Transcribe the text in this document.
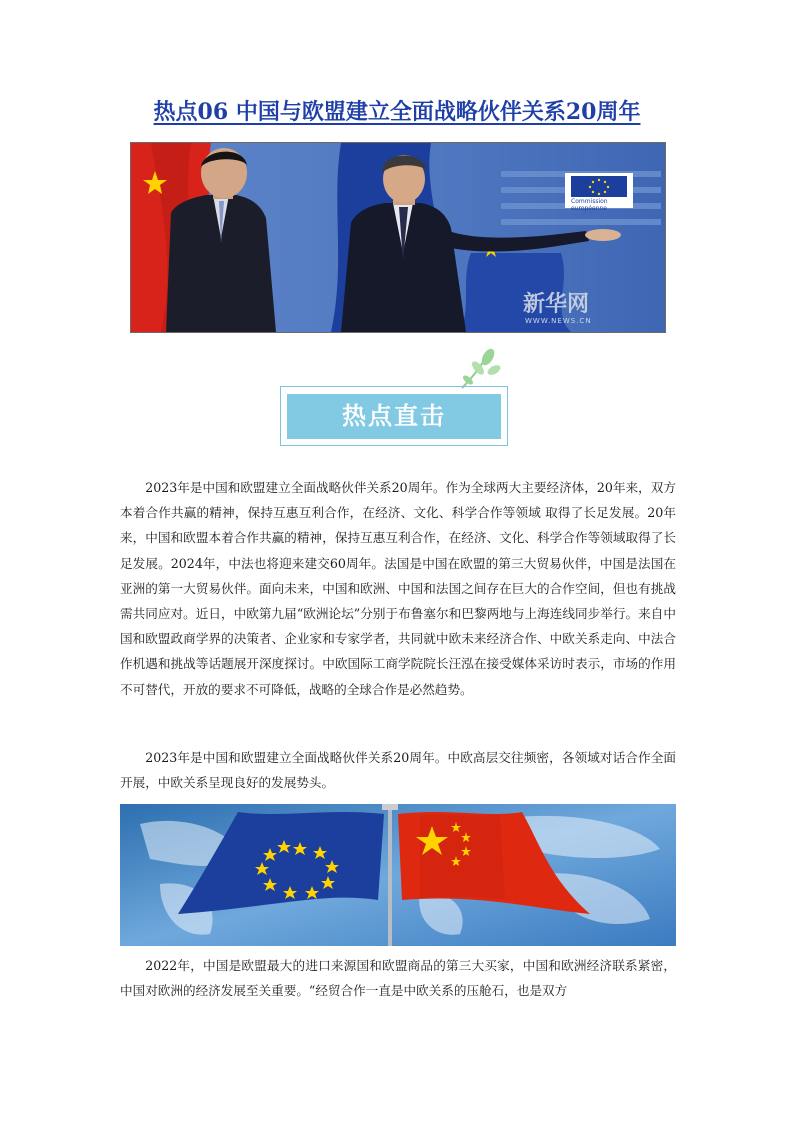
热点06 中国与欧盟建立全面战略伙伴关系20周年
Commission
européenne
新华网
WWW.NEWS.CN
热点直击

2023年是中国和欧盟建立全面战略伙伴关系20周年。作为全球两大主要经济体，20年来，双方本着合作共赢的精神，保持互惠互利合作，在经济、文化、科学合作等领域 取得了长足发展。20年来，中国和欧盟本着合作共赢的精神，保持互惠互利合作，在经济、文化、科学合作等领域取得了长足发展。2024年，中法也将迎来建交60周年。法国是中国在欧盟的第三大贸易伙伴，中国是法国在亚洲的第一大贸易伙伴。面向未来，中国和欧洲、中国和法国之间存在巨大的合作空间，但也有挑战需共同应对。近日，中欧第九届“欧洲论坛”分别于布鲁塞尔和巴黎两地与上海连线同步举行。来自中国和欧盟政商学界的决策者、企业家和专家学者，共同就中欧未来经济合作、中欧关系走向、中法合作机遇和挑战等话题展开深度探讨。中欧国际工商学院院长汪泓在接受媒体采访时表示，市场的作用不可替代，开放的要求不可降低，战略的全球合作是必然趋势。

2023年是中国和欧盟建立全面战略伙伴关系20周年。中欧高层交往频密，各领域对话合作全面开展，中欧关系呈现良好的发展势头。

2022年，中国是欧盟最大的进口来源国和欧盟商品的第三大买家，中国和欧洲经济联系紧密，中国对欧洲的经济发展至关重要。“经贸合作一直是中欧关系的压舱石，也是双方
